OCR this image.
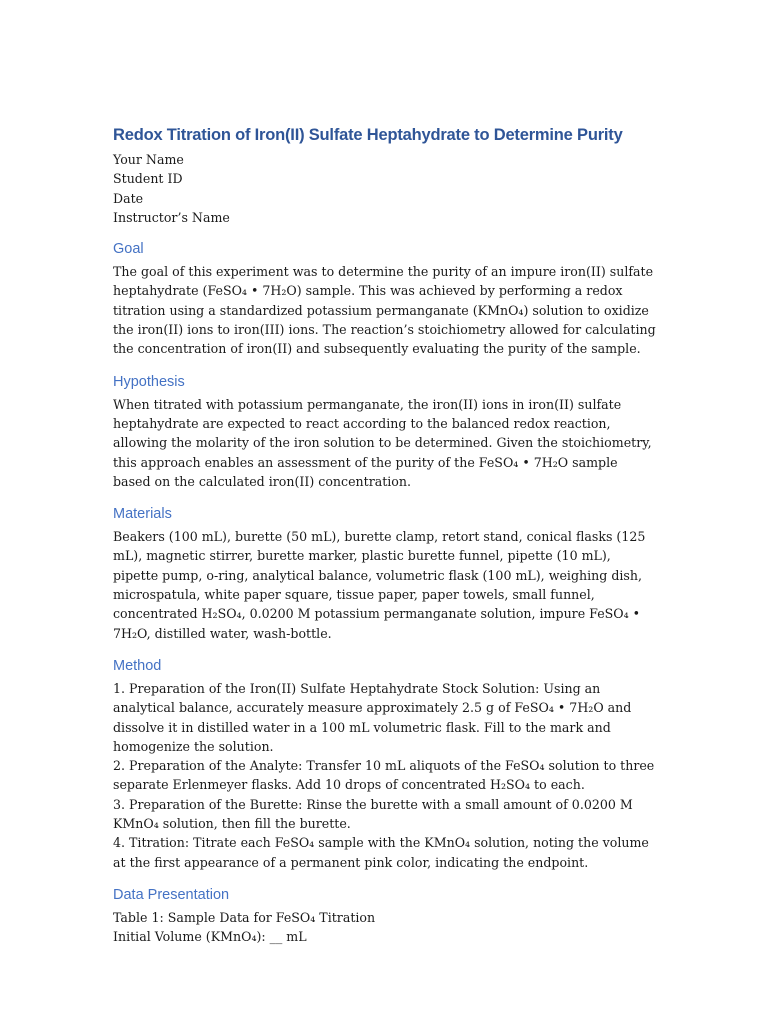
Redox Titration of Iron(II) Sulfate Heptahydrate to Determine Purity

Your Name

Student ID

Date

Instructor’s Name

Goal

The goal of this experiment was to determine the purity of an impure iron(II) sulfate heptahydrate (FeSO₄ • 7H₂O) sample. This was achieved by performing a redox titration using a standardized potassium permanganate (KMnO₄) solution to oxidize the iron(II) ions to iron(III) ions. The reaction’s stoichiometry allowed for calculating the concentration of iron(II) and subsequently evaluating the purity of the sample.

Hypothesis

When titrated with potassium permanganate, the iron(II) ions in iron(II) sulfate heptahydrate are expected to react according to the balanced redox reaction, allowing the molarity of the iron solution to be determined. Given the stoichiometry, this approach enables an assessment of the purity of the FeSO₄ • 7H₂O sample based on the calculated iron(II) concentration.

Materials

Beakers (100 mL), burette (50 mL), burette clamp, retort stand, conical flasks (125 mL), magnetic stirrer, burette marker, plastic burette funnel, pipette (10 mL), pipette pump, o-ring, analytical balance, volumetric flask (100 mL), weighing dish, microspatula, white paper square, tissue paper, paper towels, small funnel, concentrated H₂SO₄, 0.0200 M potassium permanganate solution, impure FeSO₄ • 7H₂O, distilled water, wash-bottle.

Method

1. Preparation of the Iron(II) Sulfate Heptahydrate Stock Solution: Using an analytical balance, accurately measure approximately 2.5 g of FeSO₄ • 7H₂O and dissolve it in distilled water in a 100 mL volumetric flask. Fill to the mark and homogenize the solution.

2. Preparation of the Analyte: Transfer 10 mL aliquots of the FeSO₄ solution to three separate Erlenmeyer flasks. Add 10 drops of concentrated H₂SO₄ to each.

3. Preparation of the Burette: Rinse the burette with a small amount of 0.0200 M KMnO₄ solution, then fill the burette.

4. Titration: Titrate each FeSO₄ sample with the KMnO₄ solution, noting the volume at the first appearance of a permanent pink color, indicating the endpoint.

Data Presentation

Table 1: Sample Data for FeSO₄ Titration

Initial Volume (KMnO₄): __ mL
